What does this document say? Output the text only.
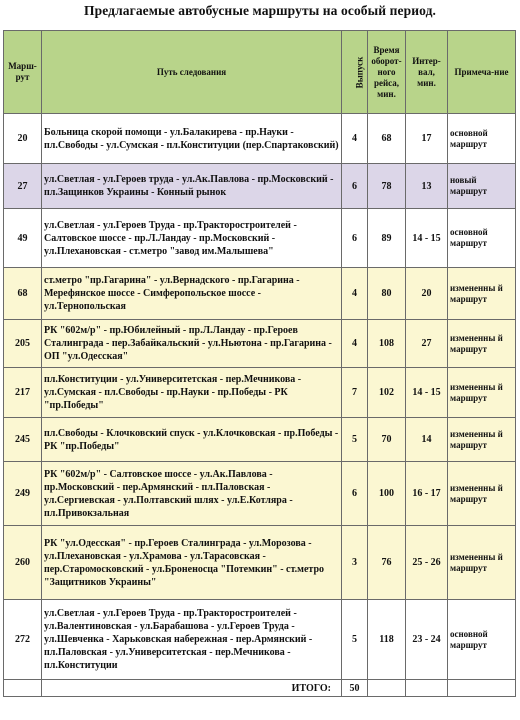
Предлагаемые автобусные маршруты на особый период.
Марш-рут	Путь следования	Выпуск	Время оборот-ного рейса, мин.	Интер-вал, мин.	Примеча-ние
20	Больница скорой помощи - ул.Балакирева - пр.Науки - пл.Свободы - ул.Сумская - пл.Конституции (пер.Спартаковский)	4	68	17	основной маршрут
27	ул.Светлая - ул.Героев труда - ул.Ак.Павлова - пр.Московский - пл.Защинков Украины - Конный рынок	6	78	13	новый маршрут
49	ул.Светлая - ул.Героев Труда - пр.Тракторостроителей - Салтовское шоссе - пр.Л.Ландау - пр.Московский - ул.Плехановская - ст.метро "завод им.Малышева"	6	89	14 - 15	основной маршрут
68	ст.метро "пр.Гагарина" - ул.Вернадского - пр.Гагарина - Мерефянское шоссе - Симферопольское шоссе - ул.Тернопольская	4	80	20	измененны й маршрут
205	РК "602м/р" - пр.Юбилейный - пр.Л.Ландау - пр.Героев Сталинграда - пер.Забайкальский - ул.Ньютона - пр.Гагарина - ОП "ул.Одесская"	4	108	27	измененны й маршрут
217	пл.Конституции - ул.Университетская - пер.Мечникова - ул.Сумская - пл.Свободы - пр.Науки - пр.Победы - РК "пр.Победы"	7	102	14 - 15	измененны й маршрут
245	пл.Свободы - Клочковский спуск - ул.Клочковская - пр.Победы - РК "пр.Победы"	5	70	14	измененны й маршрут
249	РК "602м/р" - Салтовское шоссе - ул.Ак.Павлова - пр.Московский - пер.Армянский - пл.Паловская - ул.Сергиевская - ул.Полтавский шлях - ул.Е.Котляра - пл.Привокзальная	6	100	16 - 17	измененны й маршрут
260	РК "ул.Одесская" - пр.Героев Сталинграда - ул.Морозова - ул.Плехановская - ул.Храмова - ул.Тарасовская - пер.Старомосковский - ул.Броненосца "Потемкин" - ст.метро "Защитников Украины"	3	76	25 - 26	измененны й маршрут
272	ул.Светлая - ул.Героев Труда - пр.Тракторостроителей - ул.Валентиновская - ул.Барабашова - ул.Героев Труда - ул.Шевченка - Харьковская набережная - пер.Армянский - пл.Паловская - ул.Университетская - пер.Мечникова - пл.Конституции	5	118	23 - 24	основной маршрут
	ИТОГО:	50			
